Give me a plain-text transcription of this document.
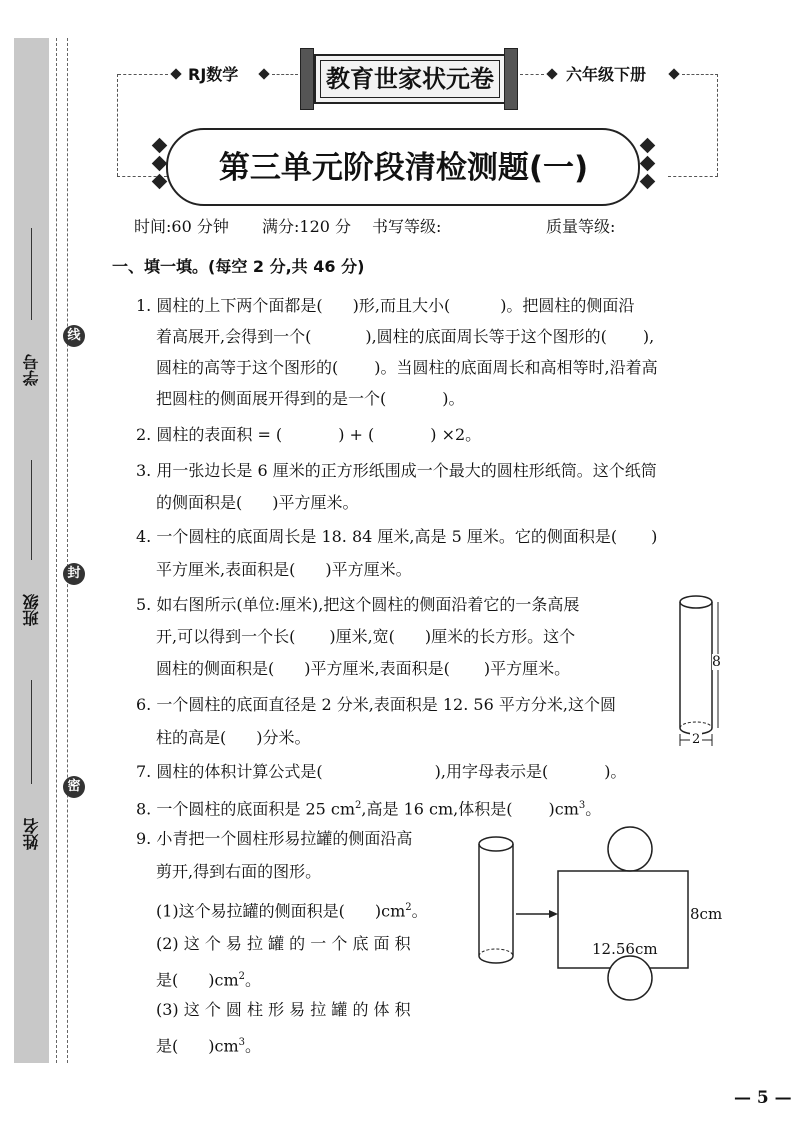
学号
班级
姓名
线
封
密
RJ数学	教育世家状元卷	六年级下册
第三单元阶段清检测题(一)
时间:60 分钟 满分:120 分 书写等级:	质量等级:
一、填一填。(每空 2 分,共 46 分)
1. 圆柱的上下两个面都是( )形,而且大小(	)。把圆柱的侧面沿
着高展开,会得到一个(	),圆柱的底面周长等于这个图形的( ),
圆柱的高等于这个图形的( )。当圆柱的底面周长和高相等时,沿着高
把圆柱的侧面展开得到的是一个(	)。
2. 圆柱的表面积 = (	) + (	) ×2。
3. 用一张边长是 6 厘米的正方形纸围成一个最大的圆柱形纸筒。这个纸筒
的侧面积是( )平方厘米。
4. 一个圆柱的底面周长是 18. 84 厘米,高是 5 厘米。它的侧面积是( )
平方厘米,表面积是( )平方厘米。
5. 如右图所示(单位:厘米),把这个圆柱的侧面沿着它的一条高展
开,可以得到一个长( )厘米,宽( )厘米的长方形。这个
圆柱的侧面积是( )平方厘米,表面积是( )平方厘米。	8
2
6. 一个圆柱的底面直径是 2 分米,表面积是 12. 56 平方分米,这个圆
柱的高是( )分米。
7. 圆柱的体积计算公式是(	),用字母表示是(	)。
8. 一个圆柱的底面积是 25 $cm^2$,高是 16 cm,体积是( )$cm^3$。
9. 小青把一个圆柱形易拉罐的侧面沿高
剪开,得到右面的图形。
(1)这个易拉罐的侧面积是( )$cm^2$。
(2) 这 个 易 拉 罐 的 一 个 底 面 积
是( )$cm^2$。
(3) 这 个 圆 柱 形 易 拉 罐 的 体 积
是( )$cm^3$。
8cm
12.56cm
— 5 —
